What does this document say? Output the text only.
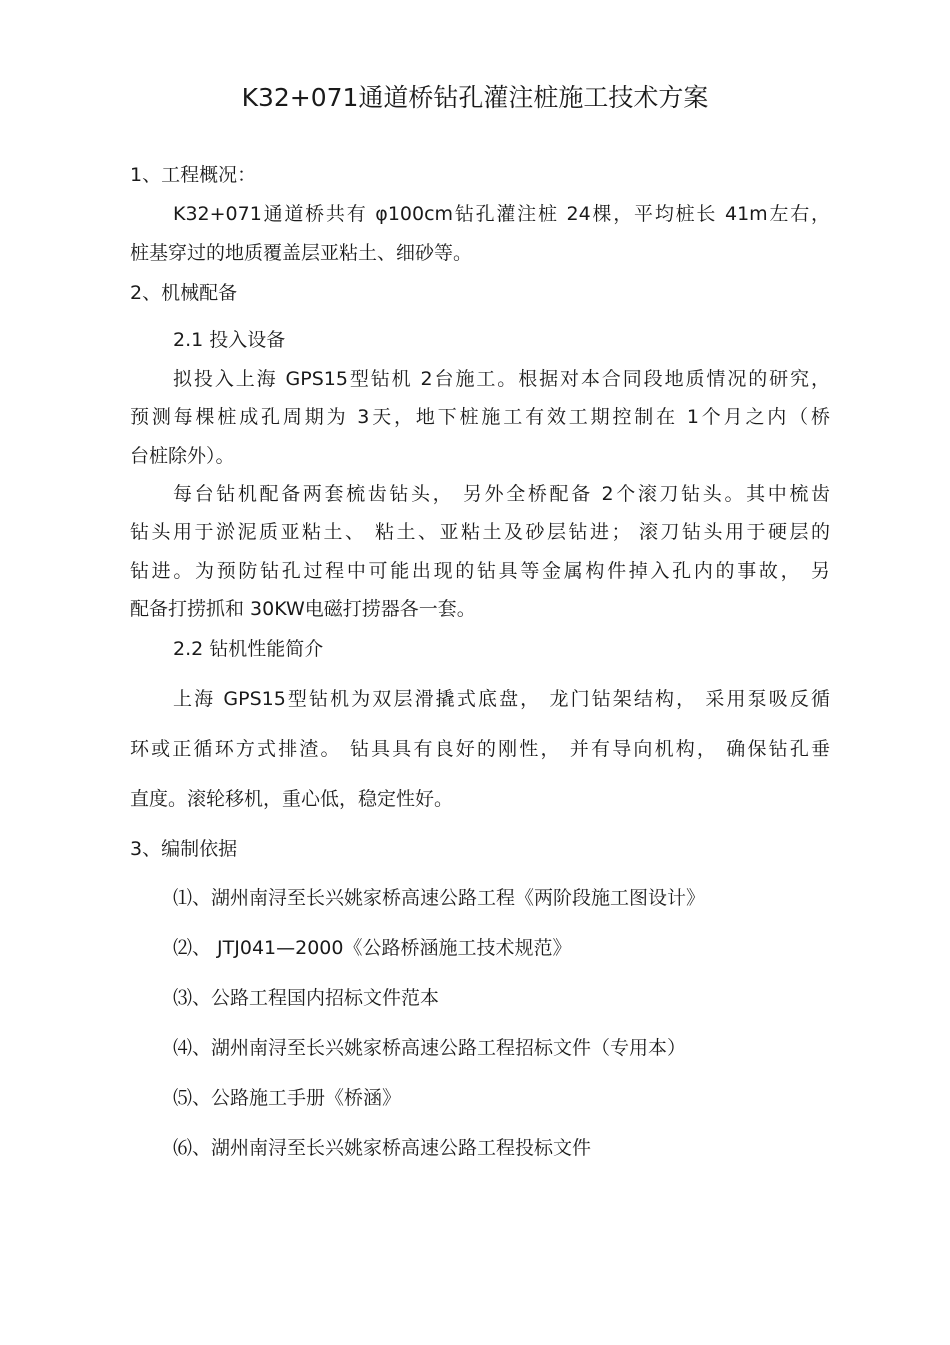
K32+071通道桥钻孔灌注桩施工技术方案
1、工程概况：
K32+071通道桥共有 φ100cm钻孔灌注桩 24棵，平均桩长 41m左右，
桩基穿过的地质覆盖层亚粘土、细砂等。
2、机械配备
2.1 投入设备
拟投入上海 GPS15型钻机 2台施工。根据对本合同段地质情况的研究，
预测每棵桩成孔周期为 3天，地下桩施工有效工期控制在 1个月之内（桥
台桩除外）。
每台钻机配备两套梳齿钻头， 另外全桥配备 2个滚刀钻头。其中梳齿
钻头用于淤泥质亚粘土、 粘土、亚粘土及砂层钻进； 滚刀钻头用于硬层的
钻进。为预防钻孔过程中可能出现的钻具等金属构件掉入孔内的事故， 另
配备打捞抓和 30KW电磁打捞器各一套。
2.2 钻机性能简介
上海 GPS15型钻机为双层滑撬式底盘， 龙门钻架结构， 采用泵吸反循
环或正循环方式排渣。 钻具具有良好的刚性， 并有导向机构， 确保钻孔垂
直度。滚轮移机，重心低，稳定性好。
3、编制依据
⑴、湖州南浔至长兴姚家桥高速公路工程《两阶段施工图设计》
⑵、 JTJ041—2000《公路桥涵施工技术规范》
⑶、公路工程国内招标文件范本
⑷、湖州南浔至长兴姚家桥高速公路工程招标文件（专用本）
⑸、公路施工手册《桥涵》
⑹、湖州南浔至长兴姚家桥高速公路工程投标文件
